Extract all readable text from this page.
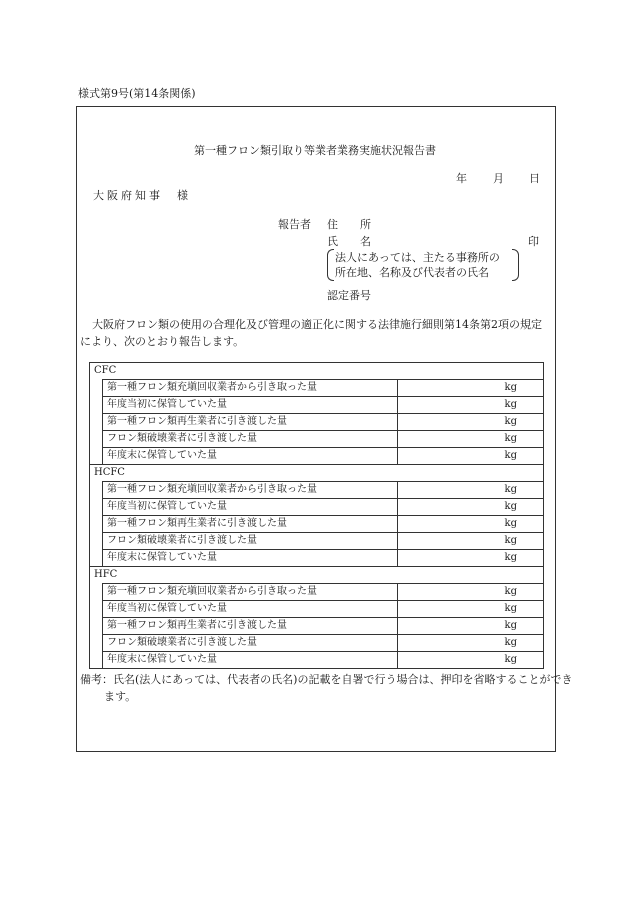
様式第9号(第14条関係)
第一種フロン類引取り等業者業務実施状況報告書
年 月 日
大阪府知事　様
報告者 住　　所
氏　　名	印
法人にあっては、主たる事務所の
所在地、名称及び代表者の氏名
認定番号
大阪府フロン類の使用の合理化及び管理の適正化に関する法律施行細則第14条第2項の規定により、次のとおり報告します。
CFC
第一種フロン類充塡回収業者から引き取った量	kg
年度当初に保管していた量	kg
第一種フロン類再生業者に引き渡した量	kg
フロン類破壊業者に引き渡した量	kg
年度末に保管していた量	kg
HCFC
第一種フロン類充塡回収業者から引き取った量	kg
年度当初に保管していた量	kg
第一種フロン類再生業者に引き渡した量	kg
フロン類破壊業者に引き渡した量	kg
年度末に保管していた量	kg
HFC
第一種フロン類充塡回収業者から引き取った量	kg
年度当初に保管していた量	kg
第一種フロン類再生業者に引き渡した量	kg
フロン類破壊業者に引き渡した量	kg
年度末に保管していた量	kg
備考：氏名(法人にあっては、代表者の氏名)の記載を自署で行う場合は、押印を省略することができます。
